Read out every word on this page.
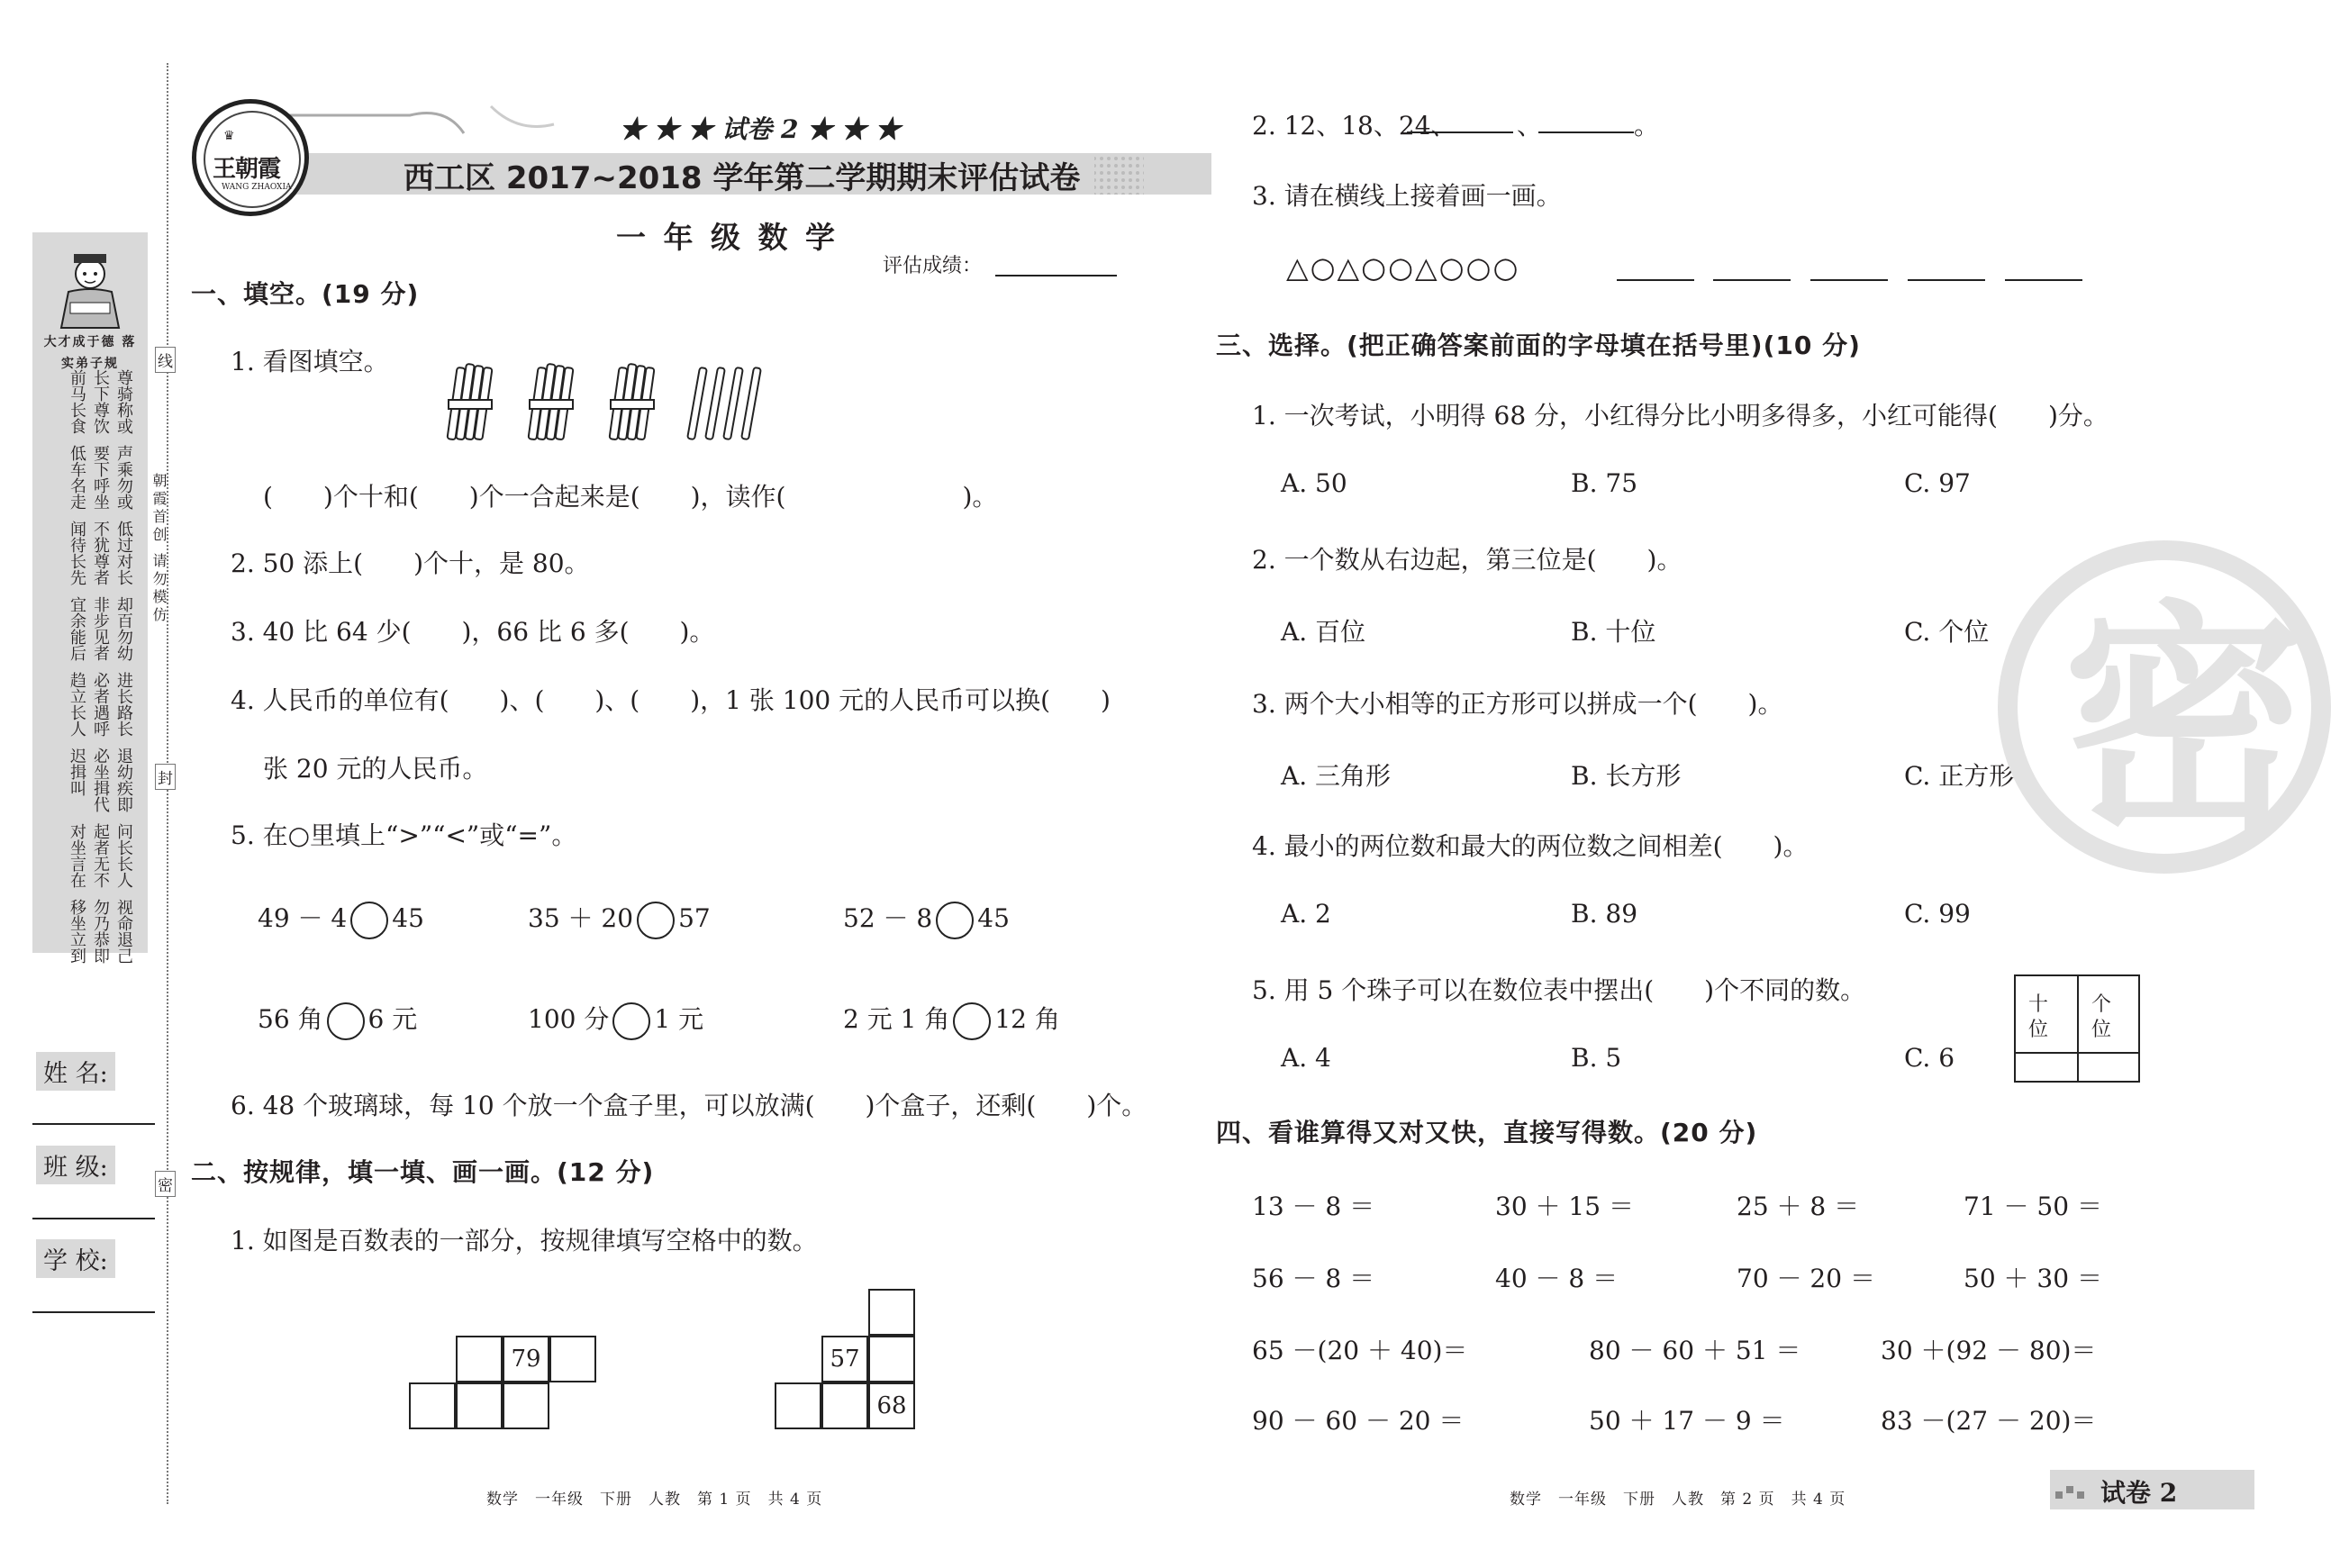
线
封
密
朝霞首创 请勿模仿
大才成于德 落实弟子规
尊骑称或
长下尊饮
前马长食
声乘勿或
要下呼坐
低车名走
低过对长
不犹尊者
闻待长先
却百勿幼
非步见者
宜余能后
进长路长
必者遇呼
趋立长人
退幼疾即
必坐揖代
迟揖叫
问长长人
起者无不
对坐言在
视命退己
勿乃恭即
移坐立到
姓 名:
班 级:
学 校:
♛
王朝霞
WANG ZHAOXIA
★ ★ ★ 试卷 2 ★ ★ ★
西工区 2017~2018 学年第二学期期末评估试卷
一 年 级 数 学
评估成绩：
一、填空。(19 分)
1. 看图填空。
(　　)个十和(　　)个一合起来是(　　)，读作(　　　　　　　)。
2. 50 添上(　　)个十，是 80。
3. 40 比 64 少(　　)，66 比 6 多(　　)。
4. 人民币的单位有(　　)、(　　)、(　　)，1 张 100 元的人民币可以换(　　)
张 20 元的人民币。
5. 在○里填上“>”“<”或“=”。
49 － 4 45	35 ＋ 20 57	52 － 8 45
56 角 6 元	100 分 1 元	2 元 1 角 12 角
6. 48 个玻璃球，每 10 个放一个盒子里，可以放满(　　)个盒子，还剩(　　)个。
二、按规律，填一填、画一画。(12 分)
1. 如图是百数表的一部分，按规律填写空格中的数。
79	57
68
数学　一年级　下册　人教　第 1 页　共 4 页
2. 12、18、24、 、	。
3. 请在横线上接着画一画。
△○△○○△○○○
三、选择。(把正确答案前面的字母填在括号里)(10 分)
1. 一次考试，小明得 68 分，小红得分比小明多得多，小红可能得(　　)分。
A. 50	B. 75	C. 97
2. 一个数从右边起，第三位是(　　)。
A. 百位	B. 十位	C. 个位
3. 两个大小相等的正方形可以拼成一个(　　)。
A. 三角形	B. 长方形	C. 正方形
4. 最小的两位数和最大的两位数之间相差(　　)。
A. 2	B. 89	C. 99
5. 用 5 个珠子可以在数位表中摆出(　　)个不同的数。
A. 4	B. 5	C. 6
十
位
个
位
密
四、看谁算得又对又快，直接写得数。(20 分)
13 － 8 ＝	30 ＋ 15 ＝	25 ＋ 8 ＝	71 － 50 ＝
56 － 8 ＝	40 － 8 ＝	70 － 20 ＝	50 ＋ 30 ＝
65 －(20 ＋ 40)＝	80 － 60 ＋ 51 ＝	30 ＋(92 － 80)＝
90 － 60 － 20 ＝	50 ＋ 17 － 9 ＝	83 －(27 － 20)＝
数学　一年级　下册　人教　第 2 页　共 4 页	试卷 2
